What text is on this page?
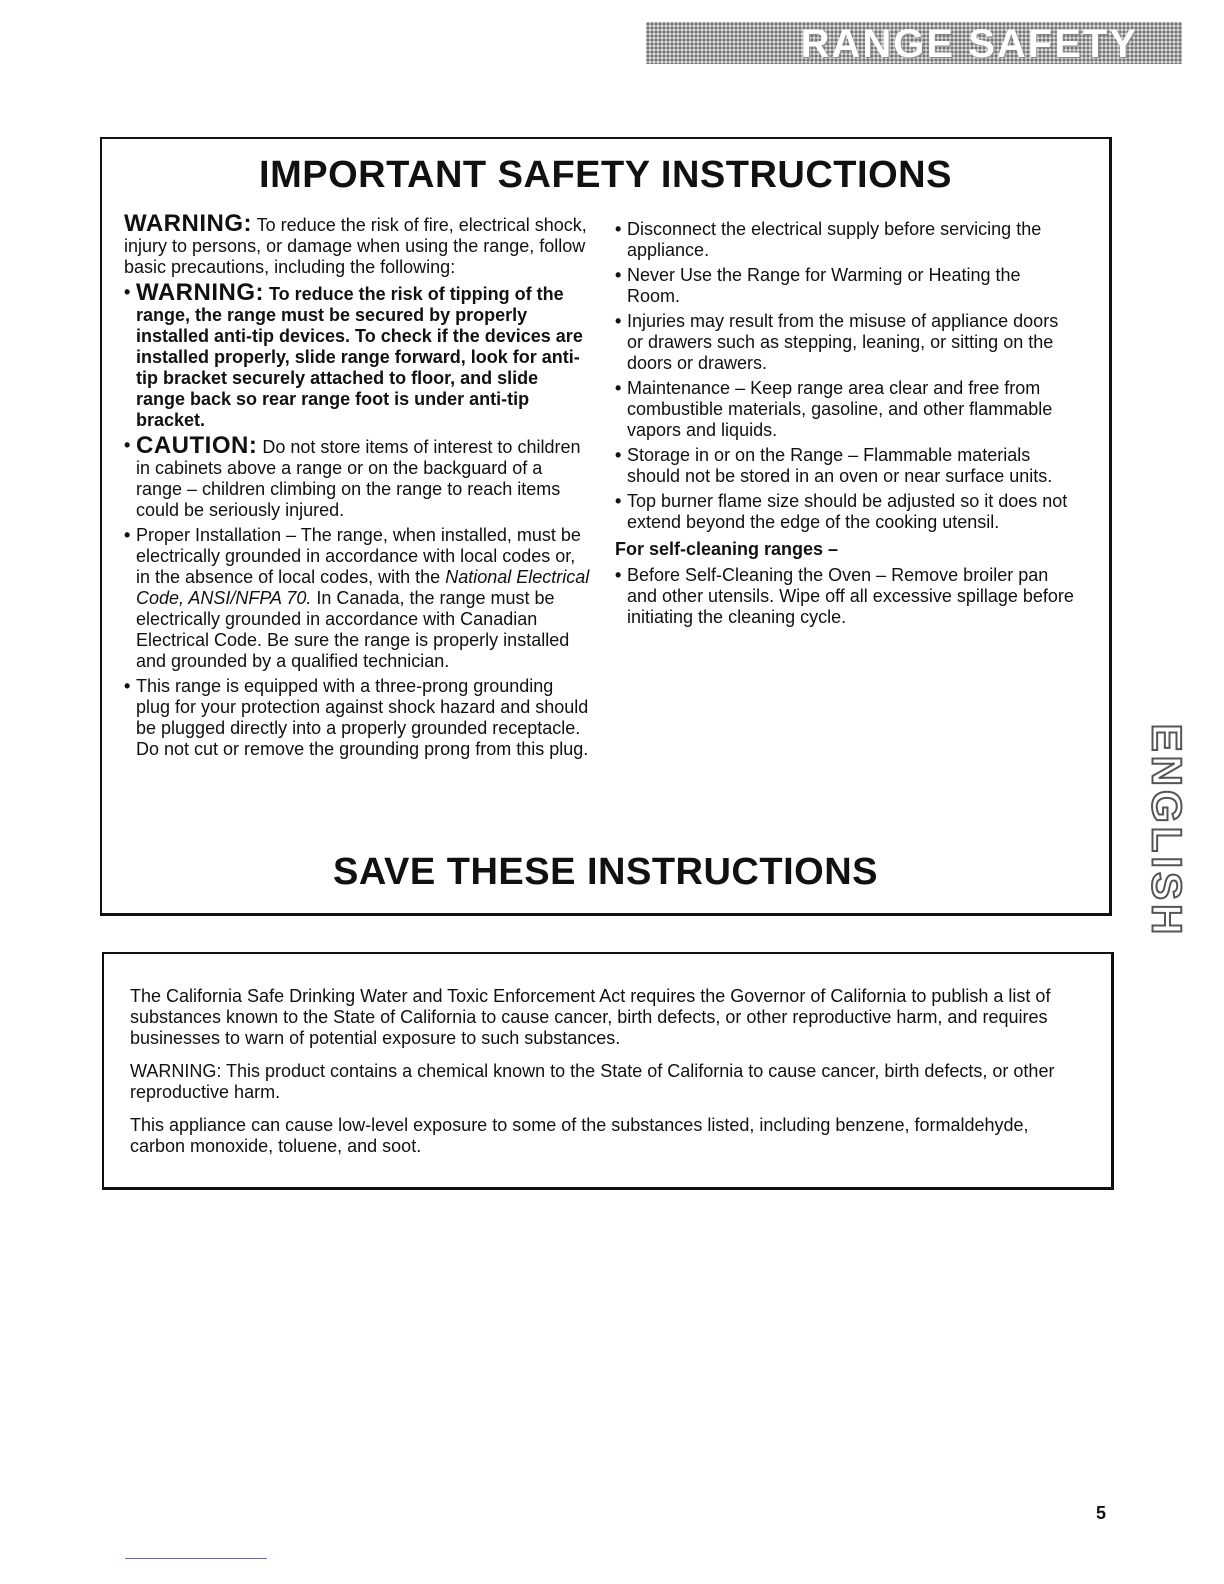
RANGE SAFETY
IMPORTANT SAFETY INSTRUCTIONS

WARNING: To reduce the risk of fire, electrical shock, injury to persons, or damage when using the range, follow basic precautions, including the following:

• WARNING: To reduce the risk of tipping of the range, the range must be secured by properly installed anti-tip devices. To check if the devices are installed properly, slide range forward, look for anti-tip bracket securely attached to floor, and slide range back so rear range foot is under anti-tip bracket.
• CAUTION: Do not store items of interest to children in cabinets above a range or on the backguard of a range – children climbing on the range to reach items could be seriously injured.
• Proper Installation – The range, when installed, must be electrically grounded in accordance with local codes or, in the absence of local codes, with the National Electrical Code, ANSI/NFPA 70. In Canada, the range must be electrically grounded in accordance with Canadian Electrical Code. Be sure the range is properly installed and grounded by a qualified technician.
• This range is equipped with a three-prong grounding plug for your protection against shock hazard and should be plugged directly into a properly grounded receptacle. Do not cut or remove the grounding prong from this plug.
• Disconnect the electrical supply before servicing the appliance.
• Never Use the Range for Warming or Heating the Room.
• Injuries may result from the misuse of appliance doors or drawers such as stepping, leaning, or sitting on the doors or drawers.
• Maintenance – Keep range area clear and free from combustible materials, gasoline, and other flammable vapors and liquids.
• Storage in or on the Range – Flammable materials should not be stored in an oven or near surface units.
• Top burner flame size should be adjusted so it does not extend beyond the edge of the cooking utensil.
For self-cleaning ranges –
• Before Self-Cleaning the Oven – Remove broiler pan and other utensils. Wipe off all excessive spillage before initiating the cleaning cycle.
SAVE THESE INSTRUCTIONS

The California Safe Drinking Water and Toxic Enforcement Act requires the Governor of California to publish a list of substances known to the State of California to cause cancer, birth defects, or other reproductive harm, and requires businesses to warn of potential exposure to such substances.

WARNING: This product contains a chemical known to the State of California to cause cancer, birth defects, or other reproductive harm.

This appliance can cause low-level exposure to some of the substances listed, including benzene, formaldehyde, carbon monoxide, toluene, and soot.

ENGLISH
5
